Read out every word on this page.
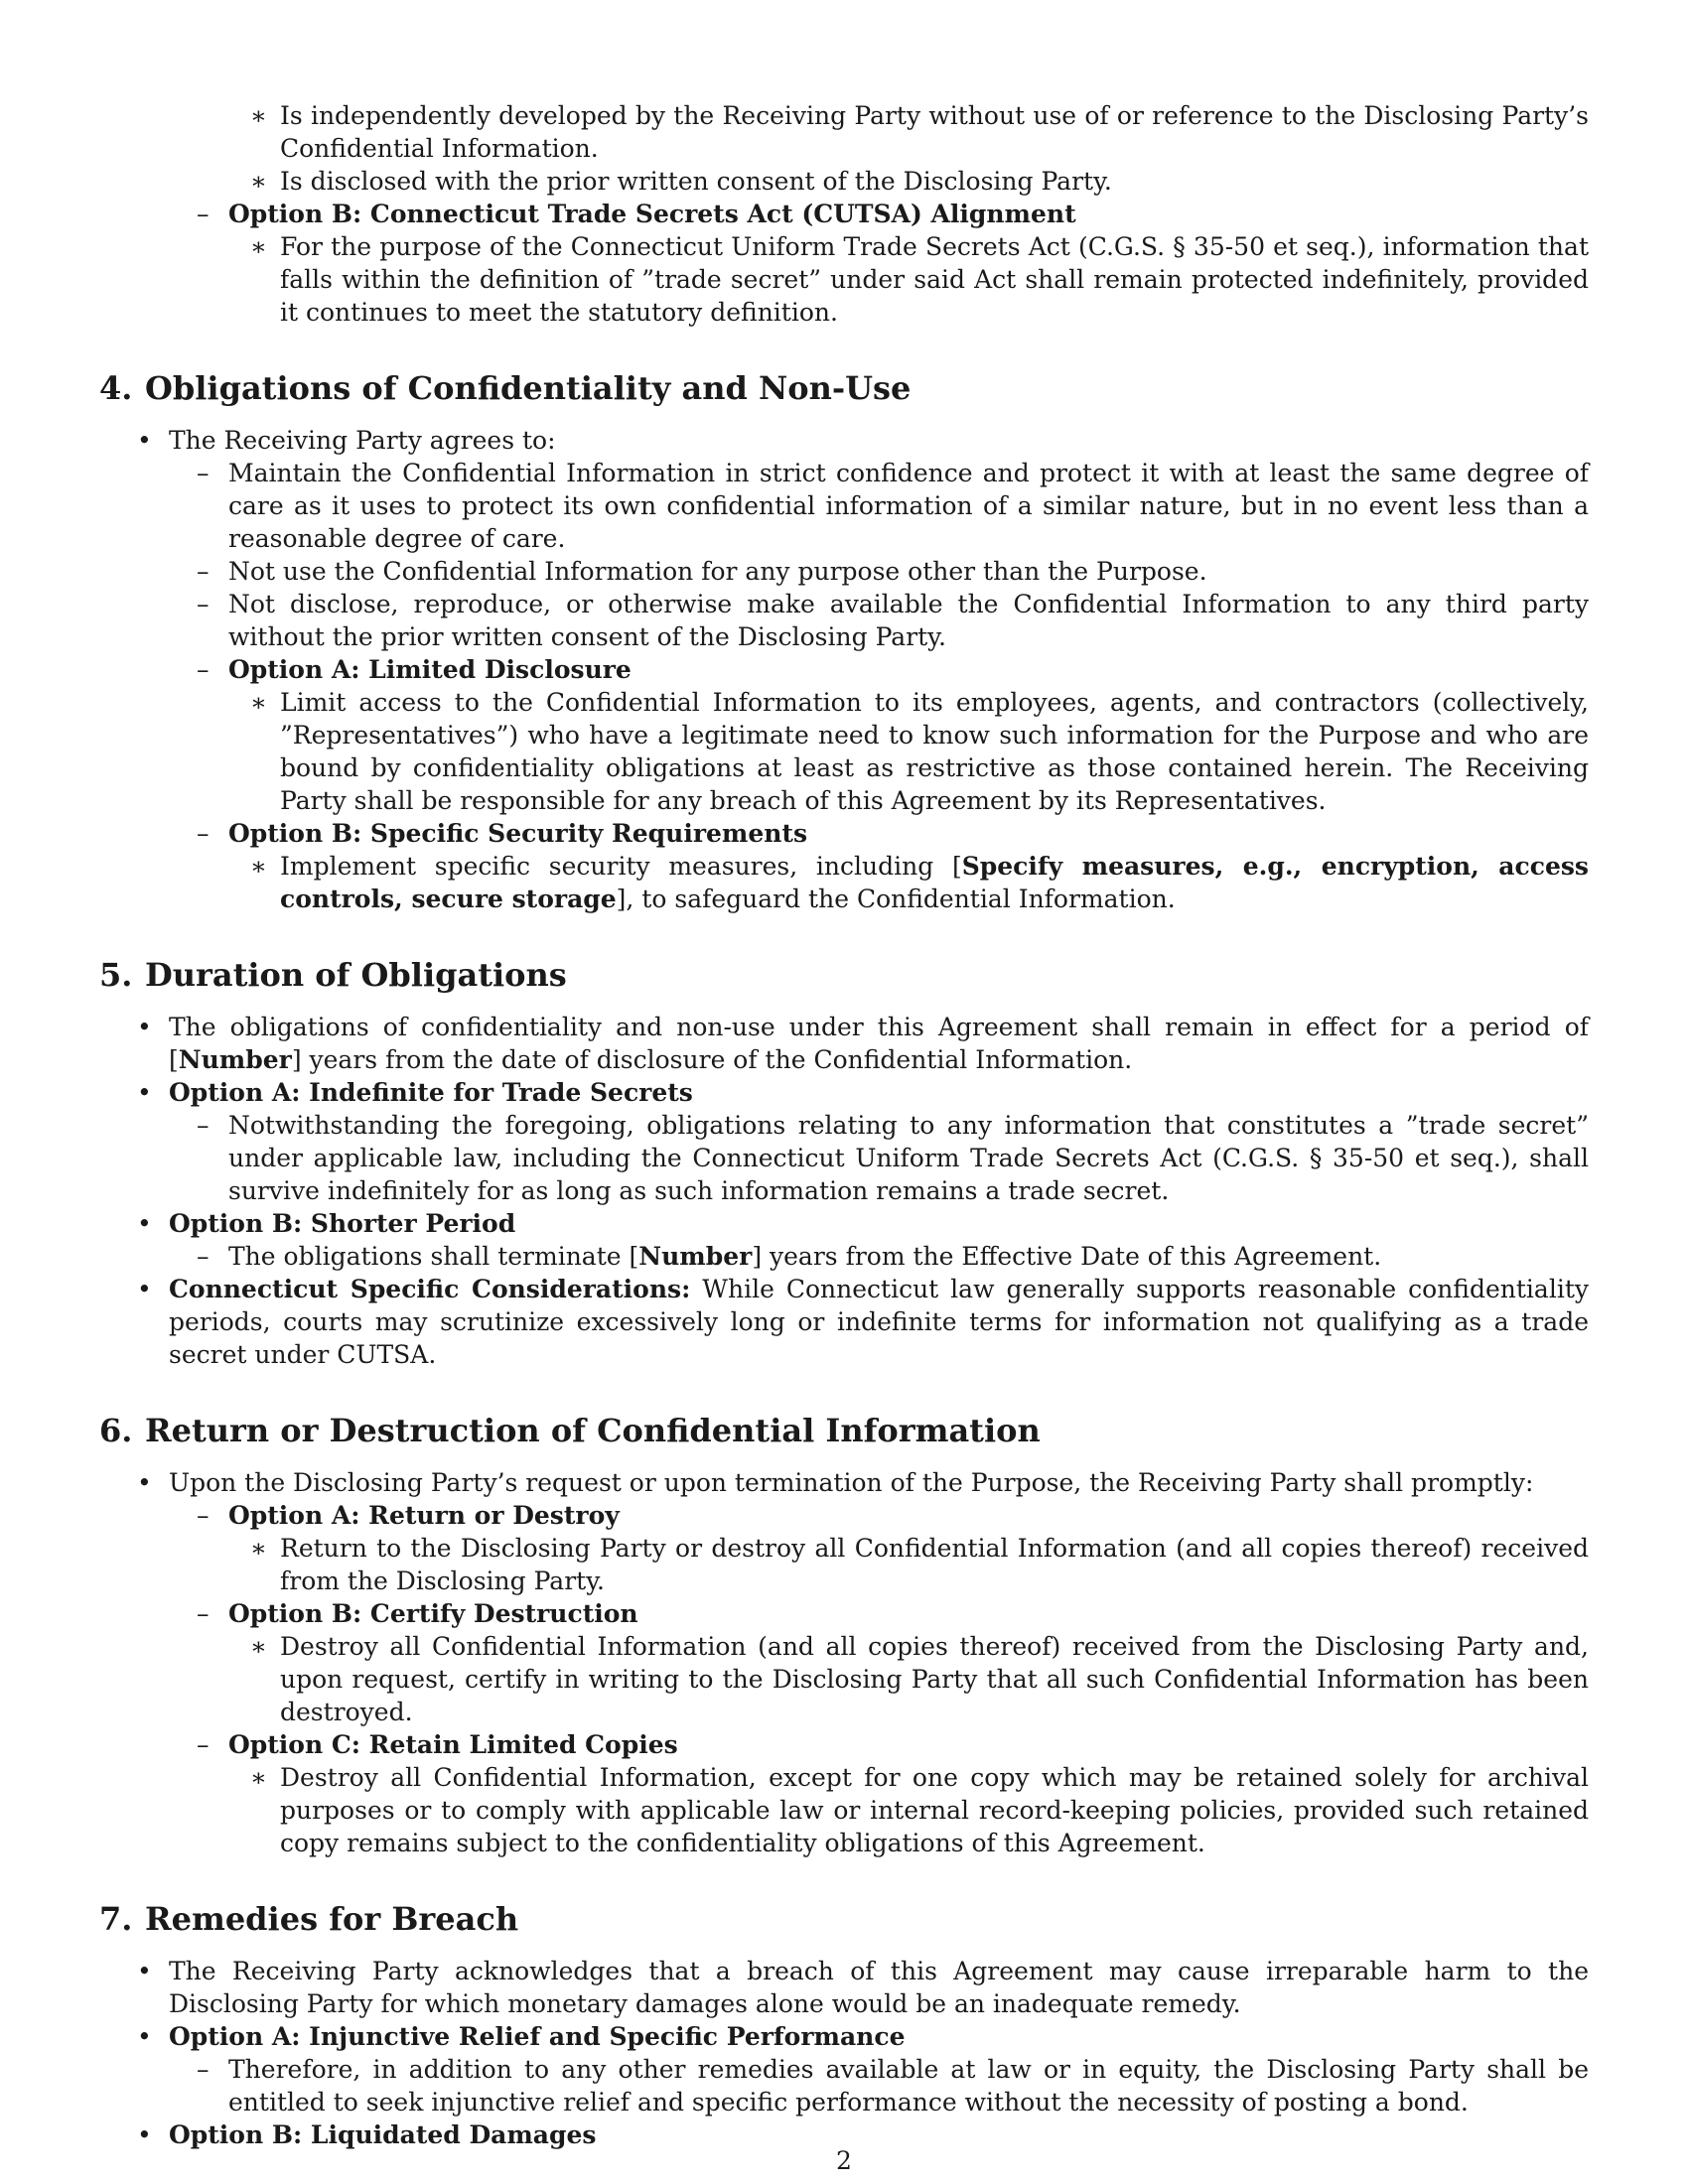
∗ Is independently developed by the Receiving Party without use of or reference to the Disclosing Party’s Confidential Information.
∗ Is disclosed with the prior written consent of the Disclosing Party.
– Option B: Connecticut Trade Secrets Act (CUTSA) Alignment
∗ For the purpose of the Connecticut Uniform Trade Secrets Act (C.G.S. § 35-50 et seq.), information that falls within the definition of ”trade secret” under said Act shall remain protected indefinitely, provided it continues to meet the statutory definition.
4. Obligations of Confidentiality and Non-Use
• The Receiving Party agrees to:
– Maintain the Confidential Information in strict confidence and protect it with at least the same degree of care as it uses to protect its own confidential information of a similar nature, but in no event less than a reasonable degree of care.
– Not use the Confidential Information for any purpose other than the Purpose.
– Not disclose, reproduce, or otherwise make available the Confidential Information to any third party without the prior written consent of the Disclosing Party.
– Option A: Limited Disclosure
∗ Limit access to the Confidential Information to its employees, agents, and contractors (collectively, ”Representatives”) who have a legitimate need to know such information for the Purpose and who are bound by confidentiality obligations at least as restrictive as those contained herein. The Receiving Party shall be responsible for any breach of this Agreement by its Representatives.
– Option B: Specific Security Requirements
∗ Implement specific security measures, including [Specify measures, e.g., encryption, access controls, secure storage], to safeguard the Confidential Information.
5. Duration of Obligations
• The obligations of confidentiality and non-use under this Agreement shall remain in effect for a period of [Number] years from the date of disclosure of the Confidential Information.
• Option A: Indefinite for Trade Secrets
– Notwithstanding the foregoing, obligations relating to any information that constitutes a ”trade secret” under applicable law, including the Connecticut Uniform Trade Secrets Act (C.G.S. § 35-50 et seq.), shall survive indefinitely for as long as such information remains a trade secret.
• Option B: Shorter Period
– The obligations shall terminate [Number] years from the Effective Date of this Agreement.
• Connecticut Specific Considerations: While Connecticut law generally supports reasonable confidentiality periods, courts may scrutinize excessively long or indefinite terms for information not qualifying as a trade secret under CUTSA.
6. Return or Destruction of Confidential Information
• Upon the Disclosing Party’s request or upon termination of the Purpose, the Receiving Party shall promptly:
– Option A: Return or Destroy
∗ Return to the Disclosing Party or destroy all Confidential Information (and all copies thereof) received from the Disclosing Party.
– Option B: Certify Destruction
∗ Destroy all Confidential Information (and all copies thereof) received from the Disclosing Party and, upon request, certify in writing to the Disclosing Party that all such Confidential Information has been destroyed.
– Option C: Retain Limited Copies
∗ Destroy all Confidential Information, except for one copy which may be retained solely for archival purposes or to comply with applicable law or internal record-keeping policies, provided such retained copy remains subject to the confidentiality obligations of this Agreement.
7. Remedies for Breach
• The Receiving Party acknowledges that a breach of this Agreement may cause irreparable harm to the Disclosing Party for which monetary damages alone would be an inadequate remedy.
• Option A: Injunctive Relief and Specific Performance
– Therefore, in addition to any other remedies available at law or in equity, the Disclosing Party shall be entitled to seek injunctive relief and specific performance without the necessity of posting a bond.
• Option B: Liquidated Damages
2
